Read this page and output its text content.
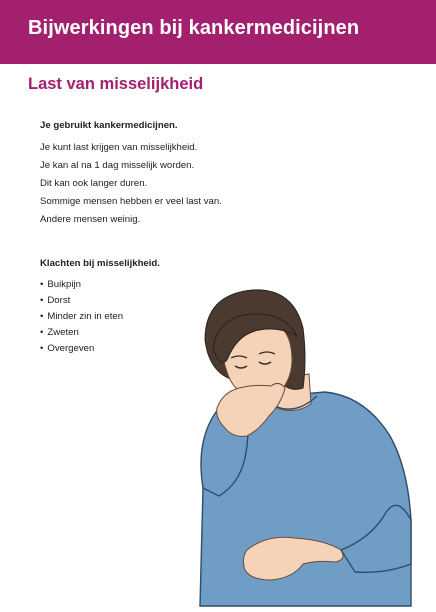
Bijwerkingen bij kankermedicijnen
Last van misselijkheid
Je gebruikt kankermedicijnen.

Je kunt last krijgen van misselijkheid.

Je kan al na 1 dag misselijk worden.

Dit kan ook langer duren.

Sommige mensen hebben er veel last van.

Andere mensen weinig.

Klachten bij misselijkheid.
• Buikpijn
• Dorst
• Minder zin in eten
• Zweten
• Overgeven
